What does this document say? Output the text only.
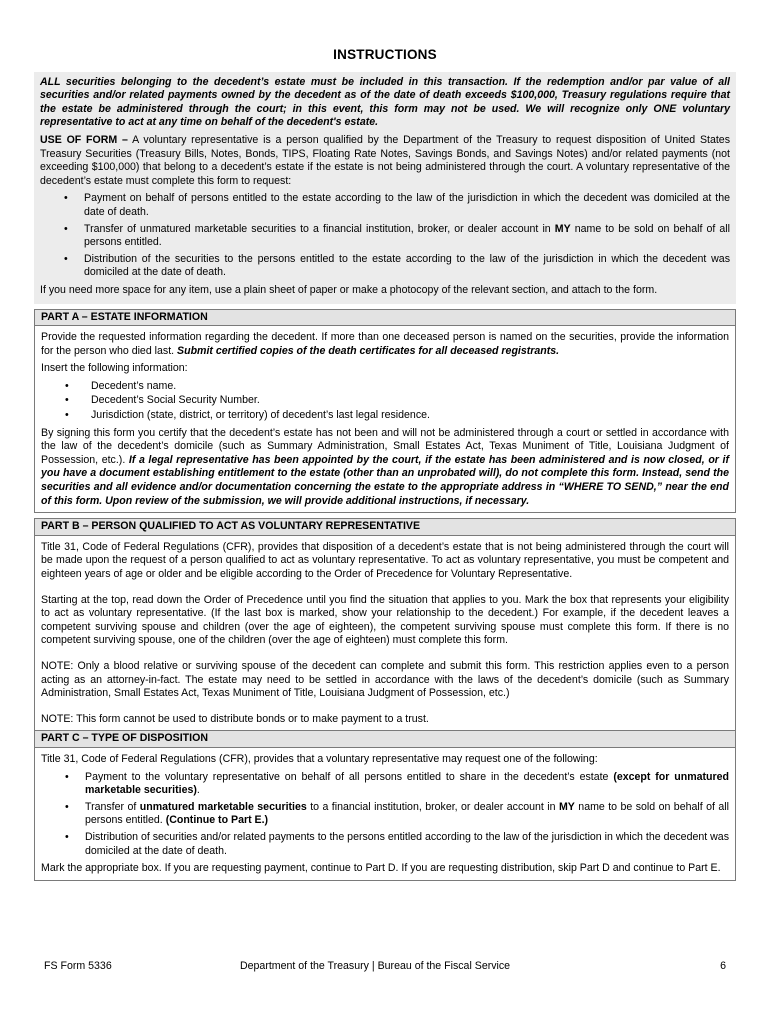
INSTRUCTIONS

ALL securities belonging to the decedent’s estate must be included in this transaction. If the redemption and/or par value of all securities and/or related payments owned by the decedent as of the date of death exceeds $100,000, Treasury regulations require that the estate be administered through the court; in this event, this form may not be used. We will recognize only ONE voluntary representative to act at any time on behalf of the decedent's estate.

USE OF FORM – A voluntary representative is a person qualified by the Department of the Treasury to request disposition of United States Treasury Securities (Treasury Bills, Notes, Bonds, TIPS, Floating Rate Notes, Savings Bonds, and Savings Notes) and/or related payments (not exceeding $100,000) that belong to a decedent’s estate if the estate is not being administered through the court. A voluntary representative of the decedent’s estate must complete this form to request:

• Payment on behalf of persons entitled to the estate according to the law of the jurisdiction in which the decedent was domiciled at the date of death.
• Transfer of unmatured marketable securities to a financial institution, broker, or dealer account in MY name to be sold on behalf of all persons entitled.
• Distribution of the securities to the persons entitled to the estate according to the law of the jurisdiction in which the decedent was domiciled at the date of death.

If you need more space for any item, use a plain sheet of paper or make a photocopy of the relevant section, and attach to the form.

PART A – ESTATE INFORMATION

Provide the requested information regarding the decedent. If more than one deceased person is named on the securities, provide the information for the person who died last. Submit certified copies of the death certificates for all deceased registrants.

Insert the following information:

• Decedent’s name.
• Decedent’s Social Security Number.
• Jurisdiction (state, district, or territory) of decedent’s last legal residence.

By signing this form you certify that the decedent’s estate has not been and will not be administered through a court or settled in accordance with the law of the decedent’s domicile (such as Summary Administration, Small Estates Act, Texas Muniment of Title, Louisiana Judgment of Possession, etc.). If a legal representative has been appointed by the court, if the estate has been administered and is now closed, or if you have a document establishing entitlement to the estate (other than an unprobated will), do not complete this form. Instead, send the securities and all evidence and/or documentation concerning the estate to the appropriate address in “WHERE TO SEND,” near the end of this form. Upon review of the submission, we will provide additional instructions, if necessary.

PART B – PERSON QUALIFIED TO ACT AS VOLUNTARY REPRESENTATIVE

Title 31, Code of Federal Regulations (CFR), provides that disposition of a decedent’s estate that is not being administered through the court will be made upon the request of a person qualified to act as voluntary representative. To act as voluntary representative, you must be competent and eighteen years of age or older and be eligible according to the Order of Precedence for Voluntary Representative.

Starting at the top, read down the Order of Precedence until you find the situation that applies to you. Mark the box that represents your eligibility to act as voluntary representative. (If the last box is marked, show your relationship to the decedent.) For example, if the decedent leaves a competent surviving spouse and children (over the age of eighteen), the competent surviving spouse must complete this form. If there is no competent surviving spouse, one of the children (over the age of eighteen) must complete this form.

NOTE: Only a blood relative or surviving spouse of the decedent can complete and submit this form. This restriction applies even to a person acting as an attorney-in-fact. The estate may need to be settled in accordance with the laws of the decedent’s domicile (such as Summary Administration, Small Estates Act, Texas Muniment of Title, Louisiana Judgment of Possession, etc.)

NOTE: This form cannot be used to distribute bonds or to make payment to a trust.

PART C – TYPE OF DISPOSITION

Title 31, Code of Federal Regulations (CFR), provides that a voluntary representative may request one of the following:

• Payment to the voluntary representative on behalf of all persons entitled to share in the decedent’s estate (except for unmatured marketable securities).
• Transfer of unmatured marketable securities to a financial institution, broker, or dealer account in MY name to be sold on behalf of all persons entitled. (Continue to Part E.)
• Distribution of securities and/or related payments to the persons entitled according to the law of the jurisdiction in which the decedent was domiciled at the date of death.

Mark the appropriate box. If you are requesting payment, continue to Part D. If you are requesting distribution, skip Part D and continue to Part E.

FS Form 5336	Department of the Treasury | Bureau of the Fiscal Service	6
